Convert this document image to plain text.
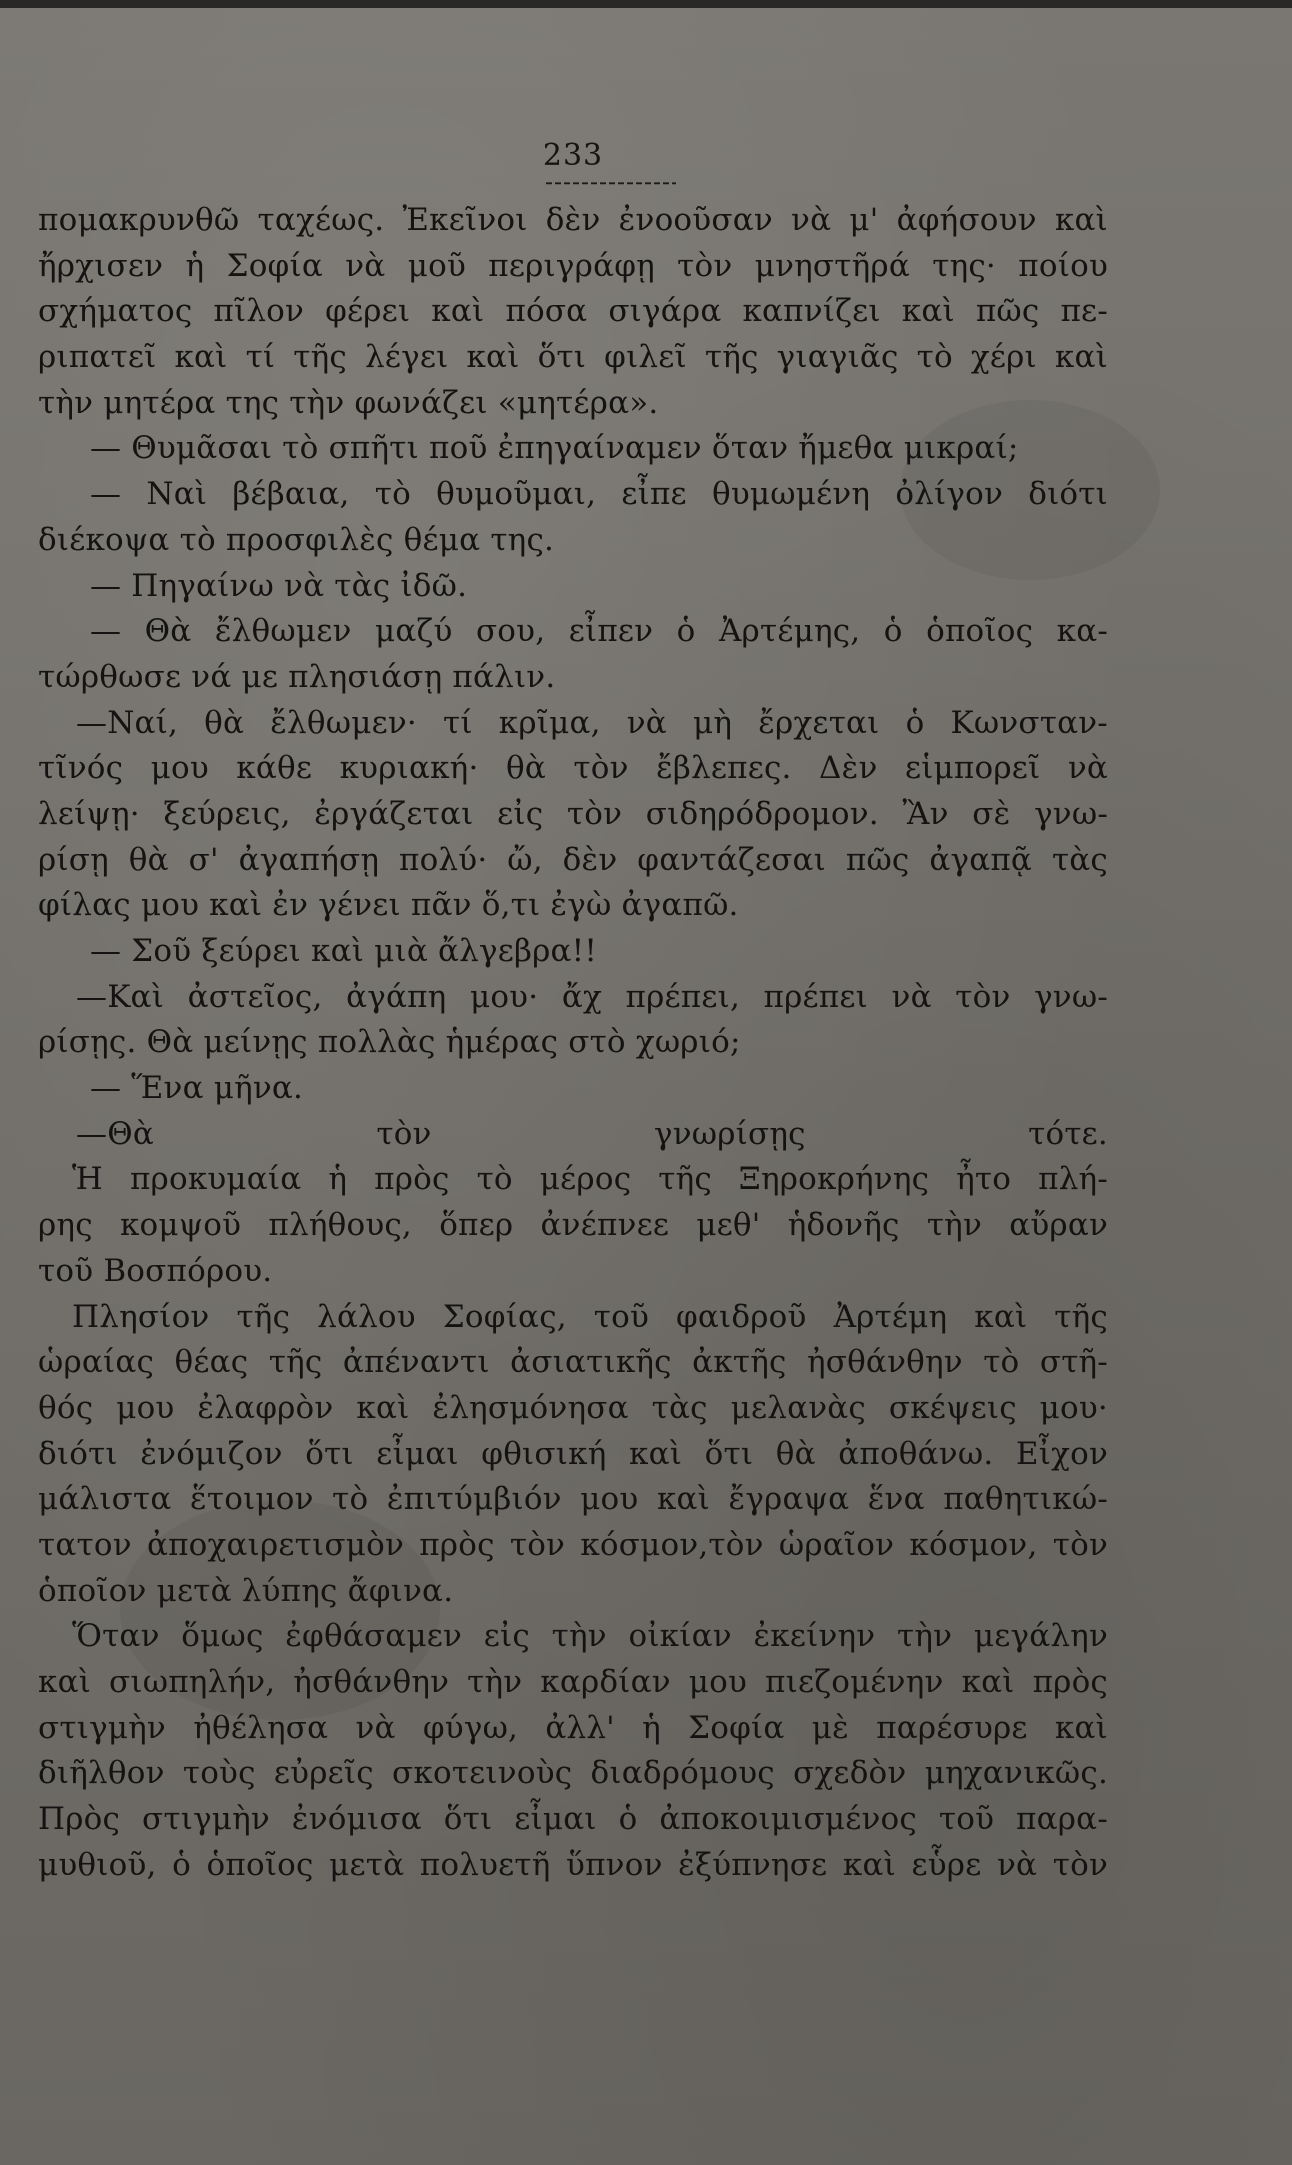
233
πομακρυνθῶ ταχέως. Ἐκεῖνοι δὲν ἐνοοῦσαν νὰ μ' ἀφήσουν καὶ
ἤρχισεν ἡ Σοφία νὰ μοῦ περιγράφῃ τὸν μνηστῆρά της· ποίου
σχήματος πῖλον φέρει καὶ πόσα σιγάρα καπνίζει καὶ πῶς πε-
ριπατεῖ καὶ τί τῆς λέγει καὶ ὅτι φιλεῖ τῆς γιαγιᾶς τὸ χέρι καὶ
τὴν μητέρα της τὴν φωνάζει «μητέρα».
— Θυμᾶσαι τὸ σπῆτι ποῦ ἐπηγαίναμεν ὅταν ἤμεθα μικραί;
— Ναὶ βέβαια, τὸ θυμοῦμαι, εἶπε θυμωμένη ὀλίγον διότι
διέκοψα τὸ προσφιλὲς θέμα της.
— Πηγαίνω νὰ τὰς ἰδῶ.
— Θὰ ἔλθωμεν μαζύ σου, εἶπεν ὁ Ἀρτέμης, ὁ ὁποῖος κα-
τώρθωσε νά με πλησιάσῃ πάλιν.
—Ναί, θὰ ἔλθωμεν· τί κρῖμα, νὰ μὴ ἔρχεται ὁ Κωνσταν-
τῖνός μου κάθε κυριακή· θὰ τὸν ἔβλεπες. Δὲν εἱμπορεῖ νὰ
λείψῃ· ξεύρεις, ἐργάζεται εἰς τὸν σιδηρόδρομον. Ἂν σὲ γνω-
ρίσῃ θὰ σ' ἀγαπήσῃ πολύ· ὤ, δὲν φαντάζεσαι πῶς ἀγαπᾷ τὰς
φίλας μου καὶ ἐν γένει πᾶν ὅ,τι ἐγὼ ἀγαπῶ.
— Σοῦ ξεύρει καὶ μιὰ ἄλγεβρα!!
—Καὶ ἀστεῖος, ἀγάπη μου· ἄχ πρέπει, πρέπει νὰ τὸν γνω-
ρίσῃς. Θὰ μείνῃς πολλὰς ἡμέρας στὸ χωριό;
— Ἕνα μῆνα.
—Θὰ τὸν γνωρίσῃς τότε.
Ἡ προκυμαία ἡ πρὸς τὸ μέρος τῆς Ξηροκρήνης ἦτο πλή-
ρης κομψοῦ πλήθους, ὅπερ ἀνέπνεε μεθ' ἡδονῆς τὴν αὔραν
τοῦ Βοσπόρου.
Πλησίον τῆς λάλου Σοφίας, τοῦ φαιδροῦ Ἀρτέμη καὶ τῆς
ὡραίας θέας τῆς ἀπέναντι ἀσιατικῆς ἀκτῆς ἠσθάνθην τὸ στῆ-
θός μου ἐλαφρὸν καὶ ἐλησμόνησα τὰς μελανὰς σκέψεις μου·
διότι ἐνόμιζον ὅτι εἶμαι φθισική καὶ ὅτι θὰ ἀποθάνω. Εἶχον
μάλιστα ἕτοιμον τὸ ἐπιτύμβιόν μου καὶ ἔγραψα ἕνα παθητικώ-
τατον ἀποχαιρετισμὸν πρὸς τὸν κόσμον,τὸν ὡραῖον κόσμον, τὸν
ὁποῖον μετὰ λύπης ἄφινα.
Ὅταν ὅμως ἐφθάσαμεν εἰς τὴν οἰκίαν ἐκείνην τὴν μεγάλην
καὶ σιωπηλήν, ἠσθάνθην τὴν καρδίαν μου πιεζομένην καὶ πρὸς
στιγμὴν ἠθέλησα νὰ φύγω, ἀλλ' ἡ Σοφία μὲ παρέσυρε καὶ
διῆλθον τοὺς εὐρεῖς σκοτεινοὺς διαδρόμους σχεδὸν μηχανικῶς.
Πρὸς στιγμὴν ἐνόμισα ὅτι εἶμαι ὁ ἀποκοιμισμένος τοῦ παρα-
μυθιοῦ, ὁ ὁποῖος μετὰ πολυετῆ ὕπνον ἐξύπνησε καὶ εὗρε νὰ τὸν
